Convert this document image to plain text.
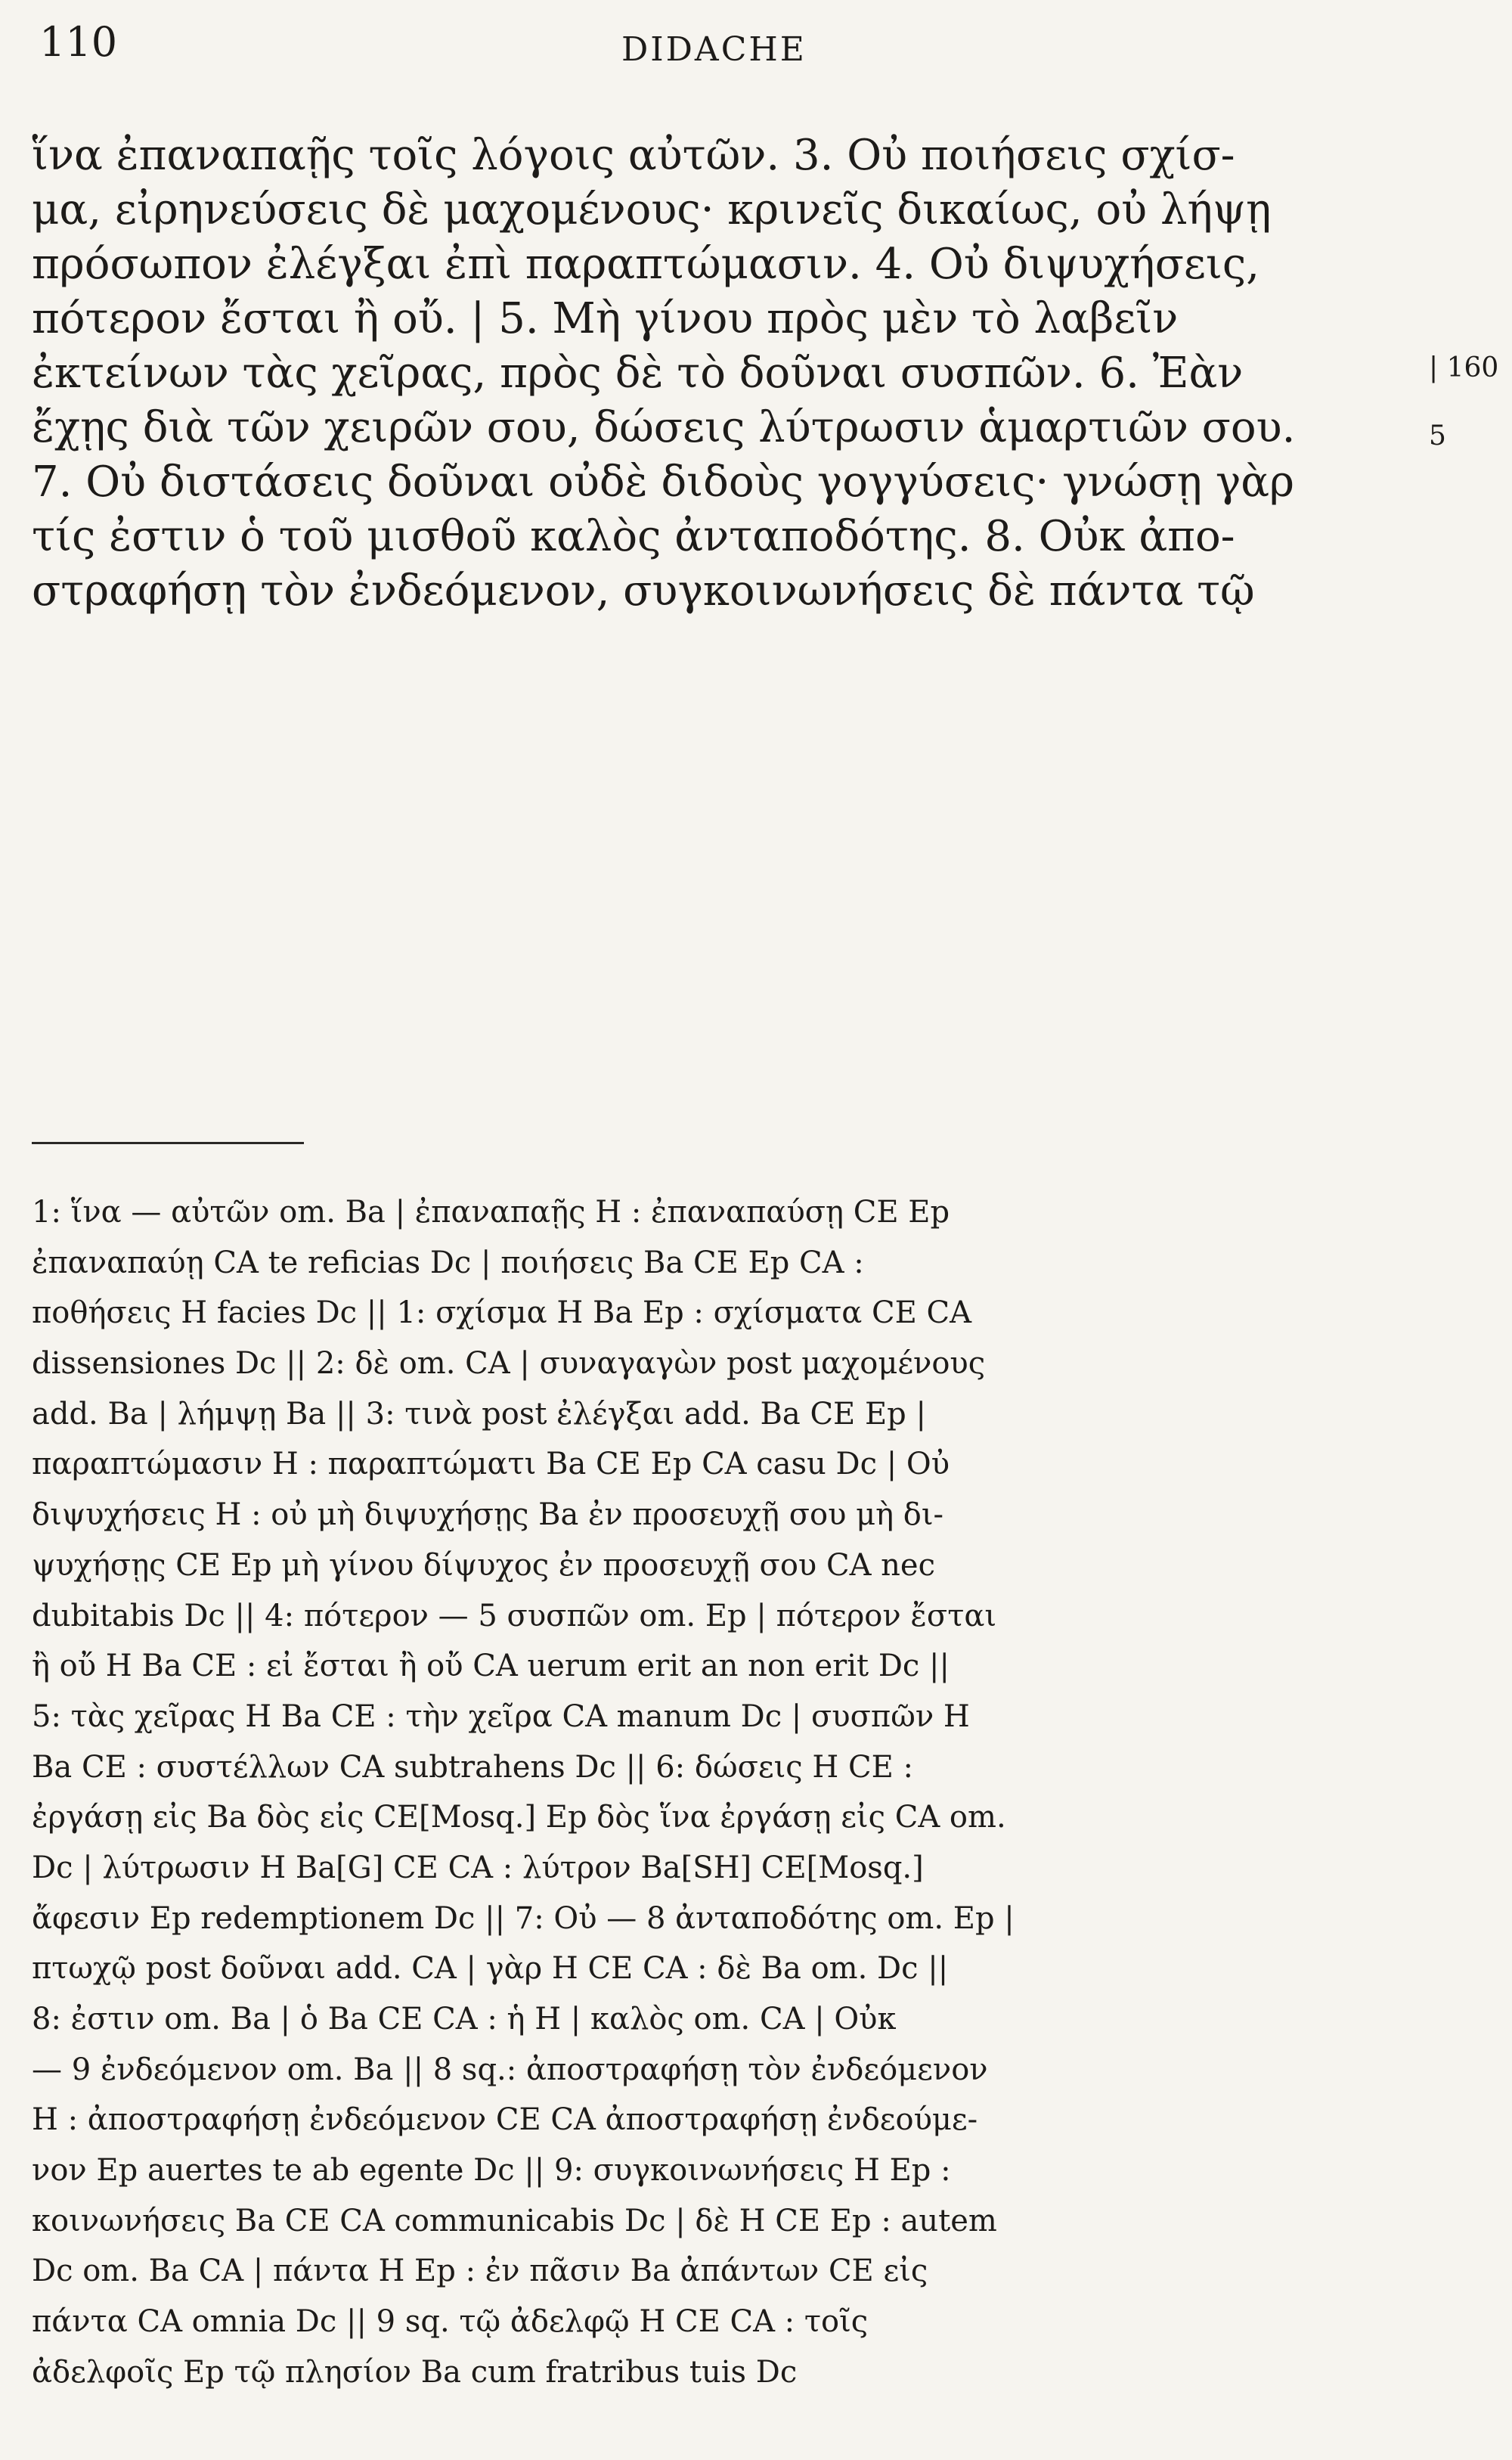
110	DIDACHE
ἵνα ἐπαναπαῇς τοῖς λόγοις αὐτῶν. 3. Οὐ ποιήσεις σχίσ-
μα, εἰρηνεύσεις δὲ μαχομένους· κρινεῖς δικαίως, οὐ λήψῃ
πρόσωπον ἐλέγξαι ἐπὶ παραπτώμασιν. 4. Οὐ διψυχήσεις,
πότερον ἔσται ἢ οὔ. | 5. Μὴ γίνου πρὸς μὲν τὸ λαβεῖν
ἐκτείνων τὰς χεῖρας, πρὸς δὲ τὸ δοῦναι συσπῶν. 6. Ἐὰν
ἔχῃς διὰ τῶν χειρῶν σου, δώσεις λύτρωσιν ἁμαρτιῶν σου.
7. Οὐ διστάσεις δοῦναι οὐδὲ διδοὺς γογγύσεις· γνώσῃ γὰρ
τίς ἐστιν ὁ τοῦ μισθοῦ καλὸς ἀνταποδότης. 8. Οὐκ ἀπο-
στραφήσῃ τὸν ἐνδεόμενον, συγκοινωνήσεις δὲ πάντα τῷ
| 160
5
1: ἵνα — αὐτῶν om. Ba | ἐπαναπαῇς H : ἐπαναπαύσῃ CE Ep
ἐπαναπαύῃ CA te reficias Dc | ποιήσεις Ba CE Ep CA :
ποθήσεις H facies Dc || 1: σχίσμα H Ba Ep : σχίσματα CE CA
dissensiones Dc || 2: δὲ om. CA | συναγαγὼν post μαχομένους
add. Ba | λήμψῃ Ba || 3: τινὰ post ἐλέγξαι add. Ba CE Ep |
παραπτώμασιν H : παραπτώματι Ba CE Ep CA casu Dc | Οὐ
διψυχήσεις H : οὐ μὴ διψυχήσῃς Ba ἐν προσευχῇ σου μὴ δι-
ψυχήσῃς CE Ep μὴ γίνου δίψυχος ἐν προσευχῇ σου CA nec
dubitabis Dc || 4: πότερον — 5 συσπῶν om. Ep | πότερον ἔσται
ἢ οὔ H Ba CE : εἰ ἔσται ἢ οὔ CA uerum erit an non erit Dc ||
5: τὰς χεῖρας H Ba CE : τὴν χεῖρα CA manum Dc | συσπῶν H
Ba CE : συστέλλων CA subtrahens Dc || 6: δώσεις H CE :
ἐργάσῃ εἰς Ba δὸς εἰς CE[Mosq.] Ep δὸς ἵνα ἐργάσῃ εἰς CA om.
Dc | λύτρωσιν H Ba[G] CE CA : λύτρον Ba[SH] CE[Mosq.]
ἄφεσιν Ep redemptionem Dc || 7: Οὐ — 8 ἀνταποδότης om. Ep |
πτωχῷ post δοῦναι add. CA | γὰρ H CE CA : δὲ Ba om. Dc ||
8: ἐστιν om. Ba | ὁ Ba CE CA : ἡ H | καλὸς om. CA | Οὐκ
— 9 ἐνδεόμενον om. Ba || 8 sq.: ἀποστραφήσῃ τὸν ἐνδεόμενον
H : ἀποστραφήσῃ ἐνδεόμενον CE CA ἀποστραφήσῃ ἐνδεούμε-
νον Ep auertes te ab egente Dc || 9: συγκοινωνήσεις H Ep :
κοινωνήσεις Ba CE CA communicabis Dc | δὲ H CE Ep : autem
Dc om. Ba CA | πάντα H Ep : ἐν πᾶσιν Ba ἀπάντων CE εἰς
πάντα CA omnia Dc || 9 sq. τῷ ἀδελφῷ H CE CA : τοῖς
ἀδελφοῖς Ep τῷ πλησίον Ba cum fratribus tuis Dc
